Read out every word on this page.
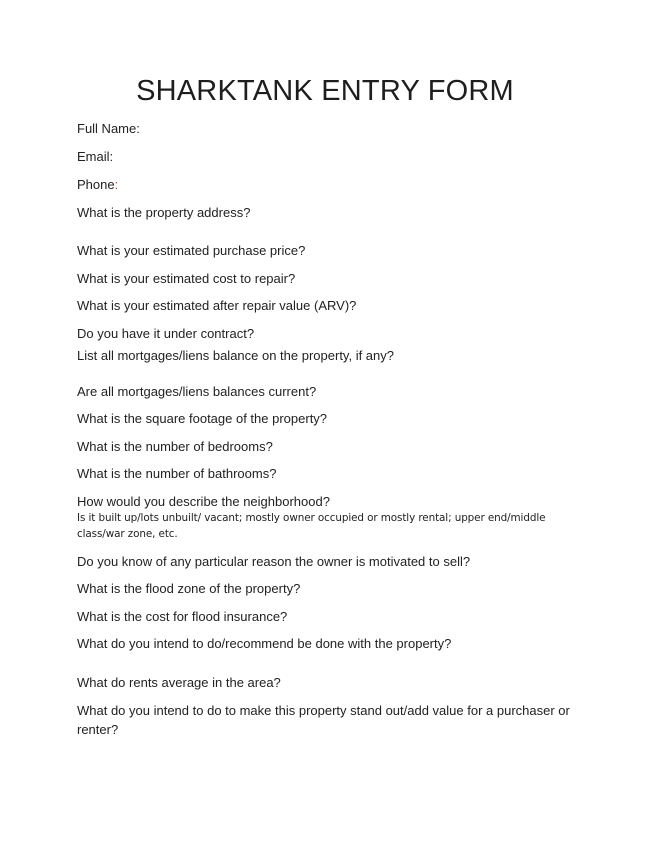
SHARKTANK ENTRY FORM
Full Name:
Email:
Phone:
What is the property address?
What is your estimated purchase price?
What is your estimated cost to repair?
What is your estimated after repair value (ARV)?
Do you have it under contract?
List all mortgages/liens balance on the property, if any?
Are all mortgages/liens balances current?
What is the square footage of the property?
What is the number of bedrooms?
What is the number of bathrooms?
How would you describe the neighborhood?
Is it built up/lots unbuilt/ vacant; mostly owner occupied or mostly rental; upper end/middle class/war zone, etc.
Do you know of any particular reason the owner is motivated to sell?
What is the flood zone of the property?
What is the cost for flood insurance?
What do you intend to do/recommend be done with the property?
What do rents average in the area?
What do you intend to do to make this property stand out/add value for a purchaser or renter?
